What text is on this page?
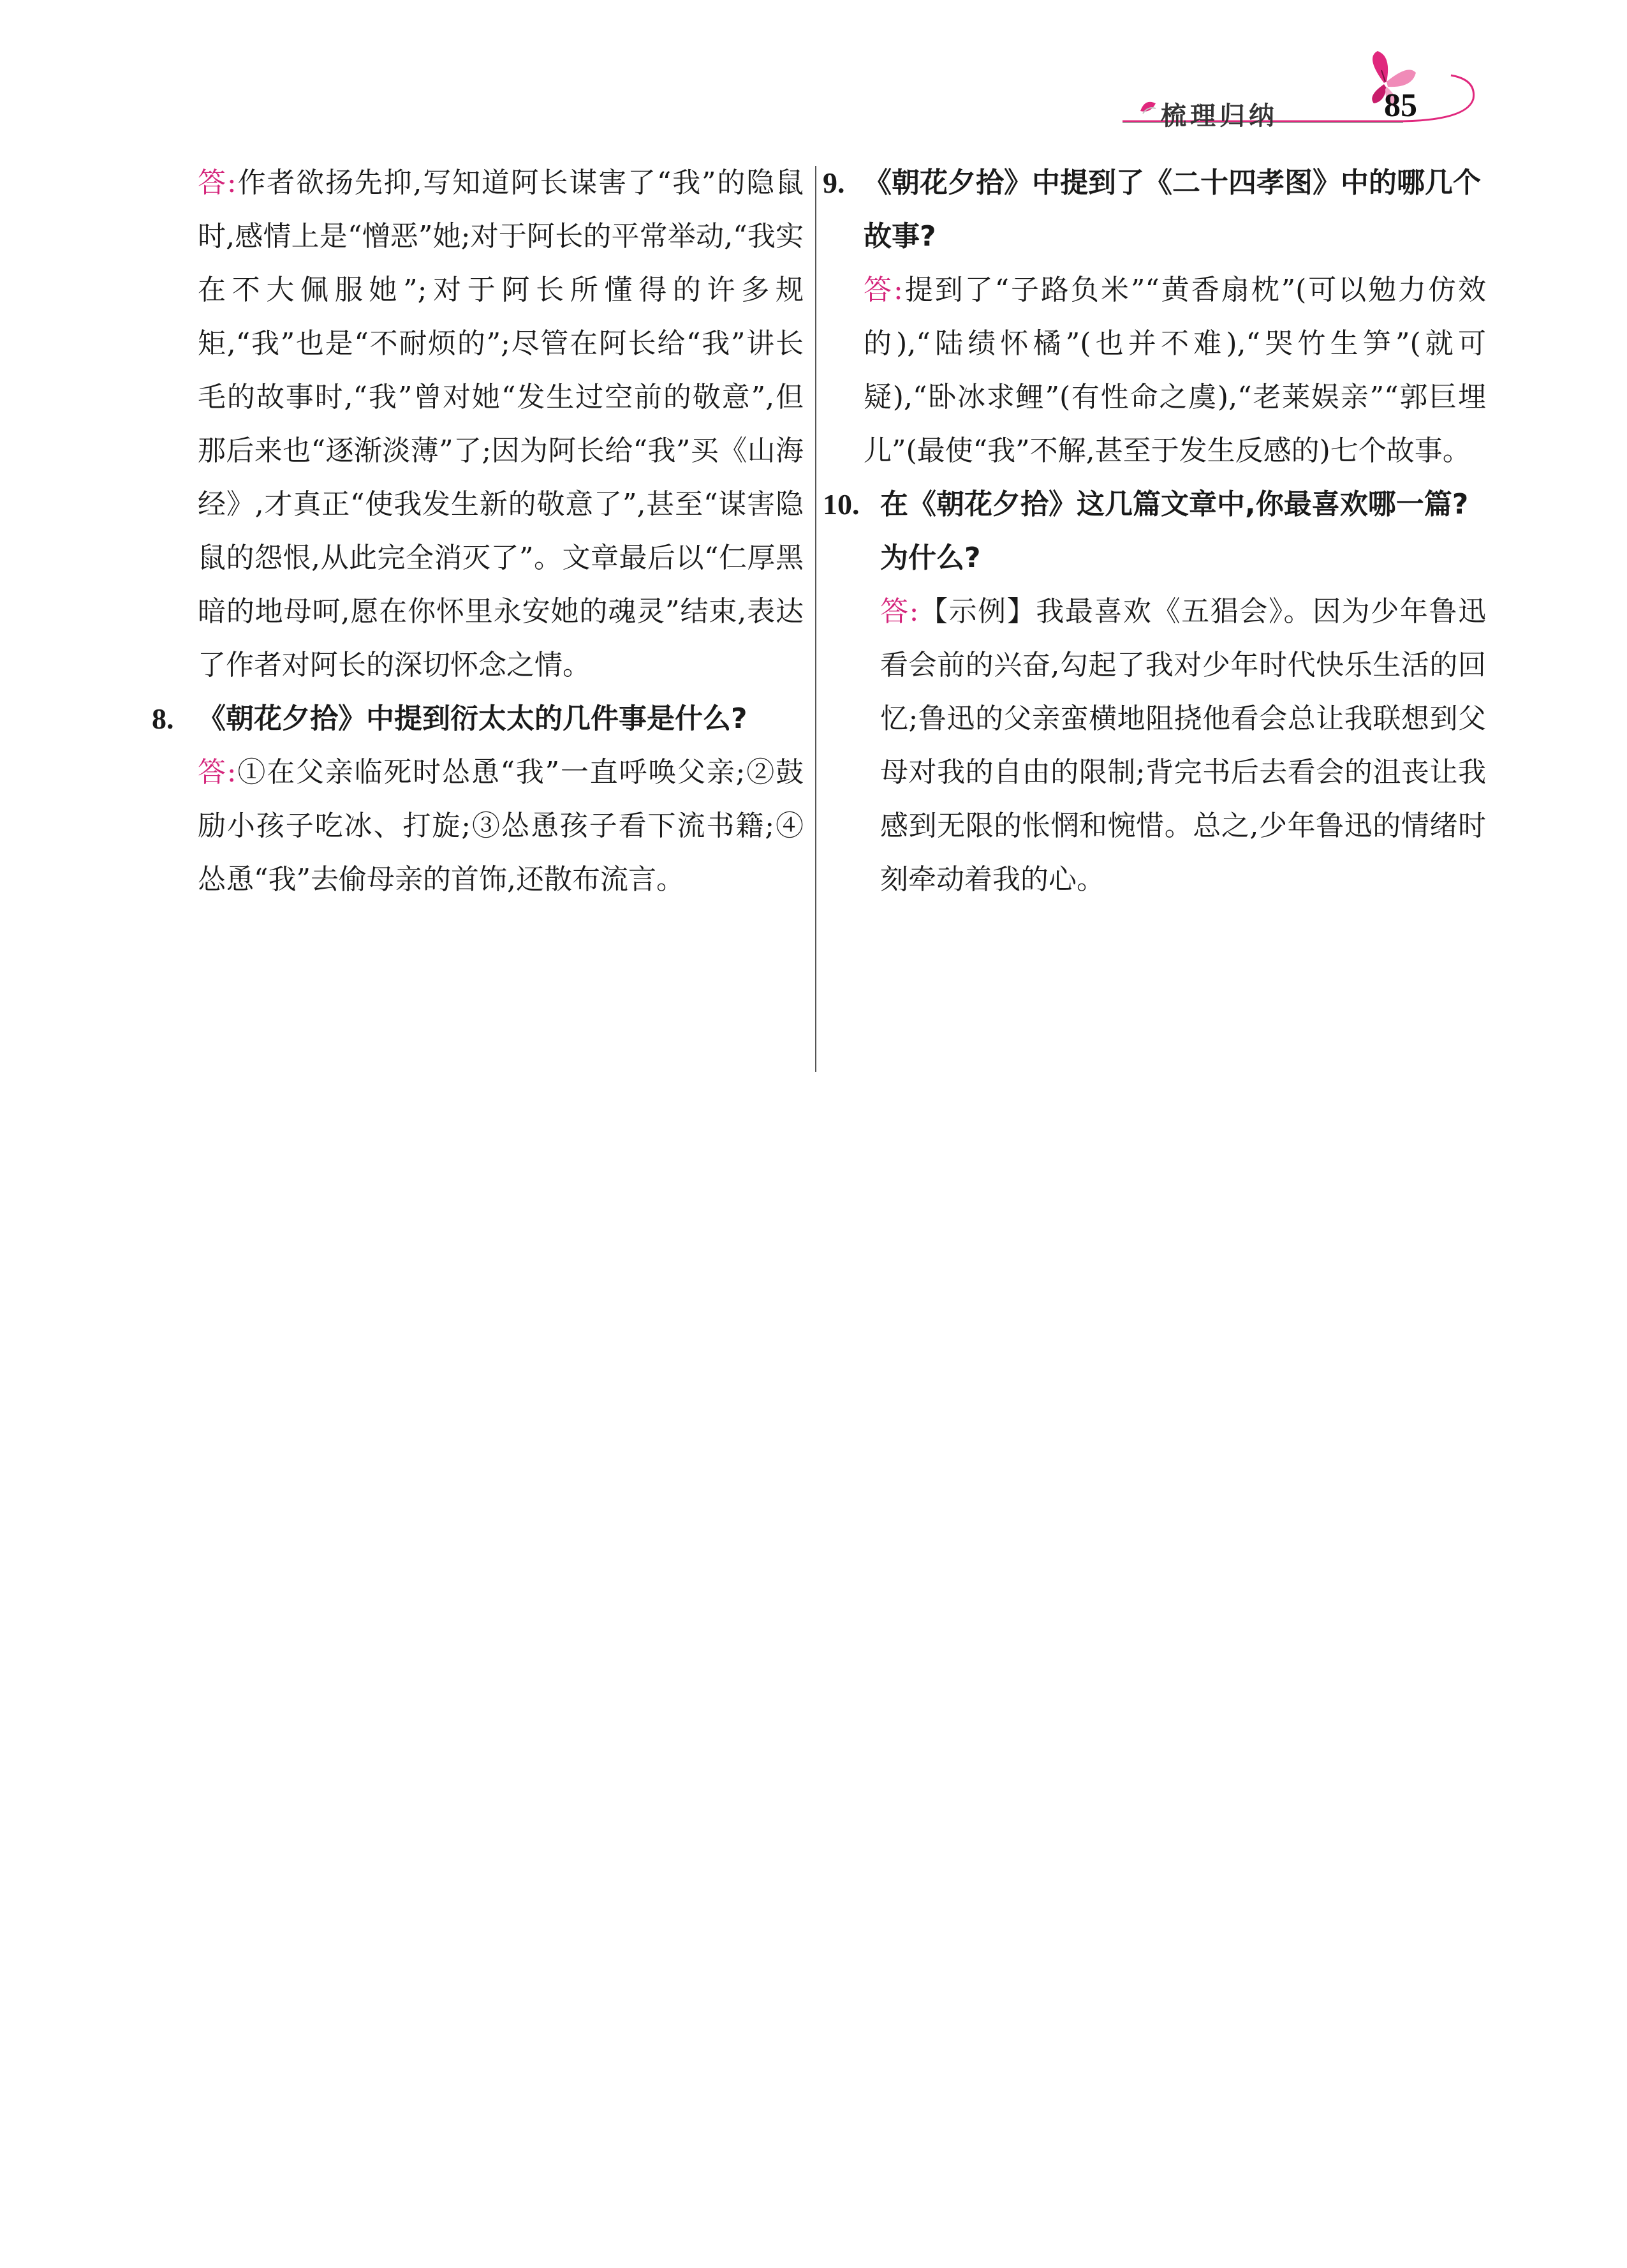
梳理归纳	85

答:作者欲扬先抑,写知道阿长谋害了“我”的隐鼠时,感情上是“憎恶”她;对于阿长的平常举动,“我实在不大佩服她”;对于阿长所懂得的许多规矩,“我”也是“不耐烦的”;尽管在阿长给“我”讲长毛的故事时,“我”曾对她“发生过空前的敬意”,但那后来也“逐渐淡薄”了;因为阿长给“我”买《山海经》,才真正“使我发生新的敬意了”,甚至“谋害隐鼠的怨恨,从此完全消灭了”。文章最后以“仁厚黑暗的地母呵,愿在你怀里永安她的魂灵”结束,表达了作者对阿长的深切怀念之情。

8. 《朝花夕拾》中提到衍太太的几件事是什么?

答:①在父亲临死时怂恿“我”一直呼唤父亲;②鼓励小孩子吃冰、打旋;③怂恿孩子看下流书籍;④怂恿“我”去偷母亲的首饰,还散布流言。

9. 《朝花夕拾》中提到了《二十四孝图》中的哪几个故事?

答:提到了“子路负米”“黄香扇枕”(可以勉力仿效的),“陆绩怀橘”(也并不难),“哭竹生笋”(就可疑),“卧冰求鲤”(有性命之虞),“老莱娱亲”“郭巨埋儿”(最使“我”不解,甚至于发生反感的)七个故事。

10. 在《朝花夕拾》这几篇文章中,你最喜欢哪一篇? 为什么?

答:【示例】我最喜欢《五猖会》。因为少年鲁迅看会前的兴奋,勾起了我对少年时代快乐生活的回忆;鲁迅的父亲蛮横地阻挠他看会总让我联想到父母对我的自由的限制;背完书后去看会的沮丧让我感到无限的怅惘和惋惜。总之,少年鲁迅的情绪时刻牵动着我的心。
